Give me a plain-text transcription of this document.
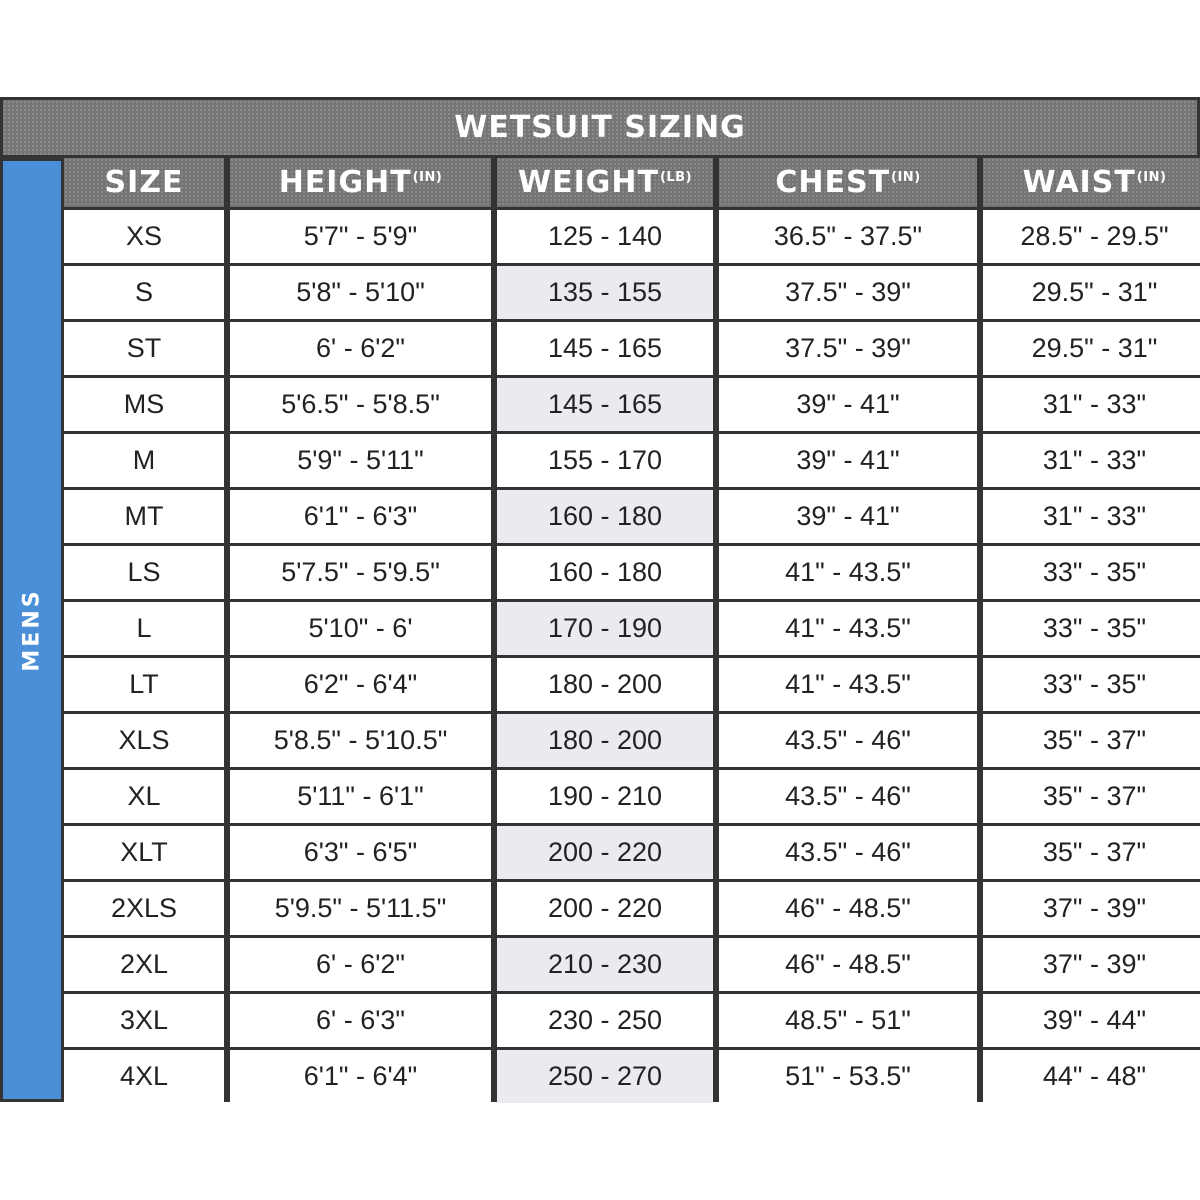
WETSUIT SIZING
MENS
SIZE	$HEIGHT^{(IN)}$	$WEIGHT^{(LB)}$	$CHEST^{(IN)}$	$WAIST^{(IN)}$
XS	5'7" - 5'9"	125 - 140	36.5" - 37.5"	28.5" - 29.5"
S	5'8" - 5'10"	135 - 155	37.5" - 39"	29.5" - 31"
ST	6' - 6'2"	145 - 165	37.5" - 39"	29.5" - 31"
MS	5'6.5" - 5'8.5"	145 - 165	39" - 41"	31" - 33"
M	5'9" - 5'11"	155 - 170	39" - 41"	31" - 33"
MT	6'1" - 6'3"	160 - 180	39" - 41"	31" - 33"
LS	5'7.5" - 5'9.5"	160 - 180	41" - 43.5"	33" - 35"
L	5'10" - 6'	170 - 190	41" - 43.5"	33" - 35"
LT	6'2" - 6'4"	180 - 200	41" - 43.5"	33" - 35"
XLS	5'8.5" - 5'10.5"	180 - 200	43.5" - 46"	35" - 37"
XL	5'11" - 6'1"	190 - 210	43.5" - 46"	35" - 37"
XLT	6'3" - 6'5"	200 - 220	43.5" - 46"	35" - 37"
2XLS	5'9.5" - 5'11.5"	200 - 220	46" - 48.5"	37" - 39"
2XL	6' - 6'2"	210 - 230	46" - 48.5"	37" - 39"
3XL	6' - 6'3"	230 - 250	48.5" - 51"	39" - 44"
4XL	6'1" - 6'4"	250 - 270	51" - 53.5"	44" - 48"
